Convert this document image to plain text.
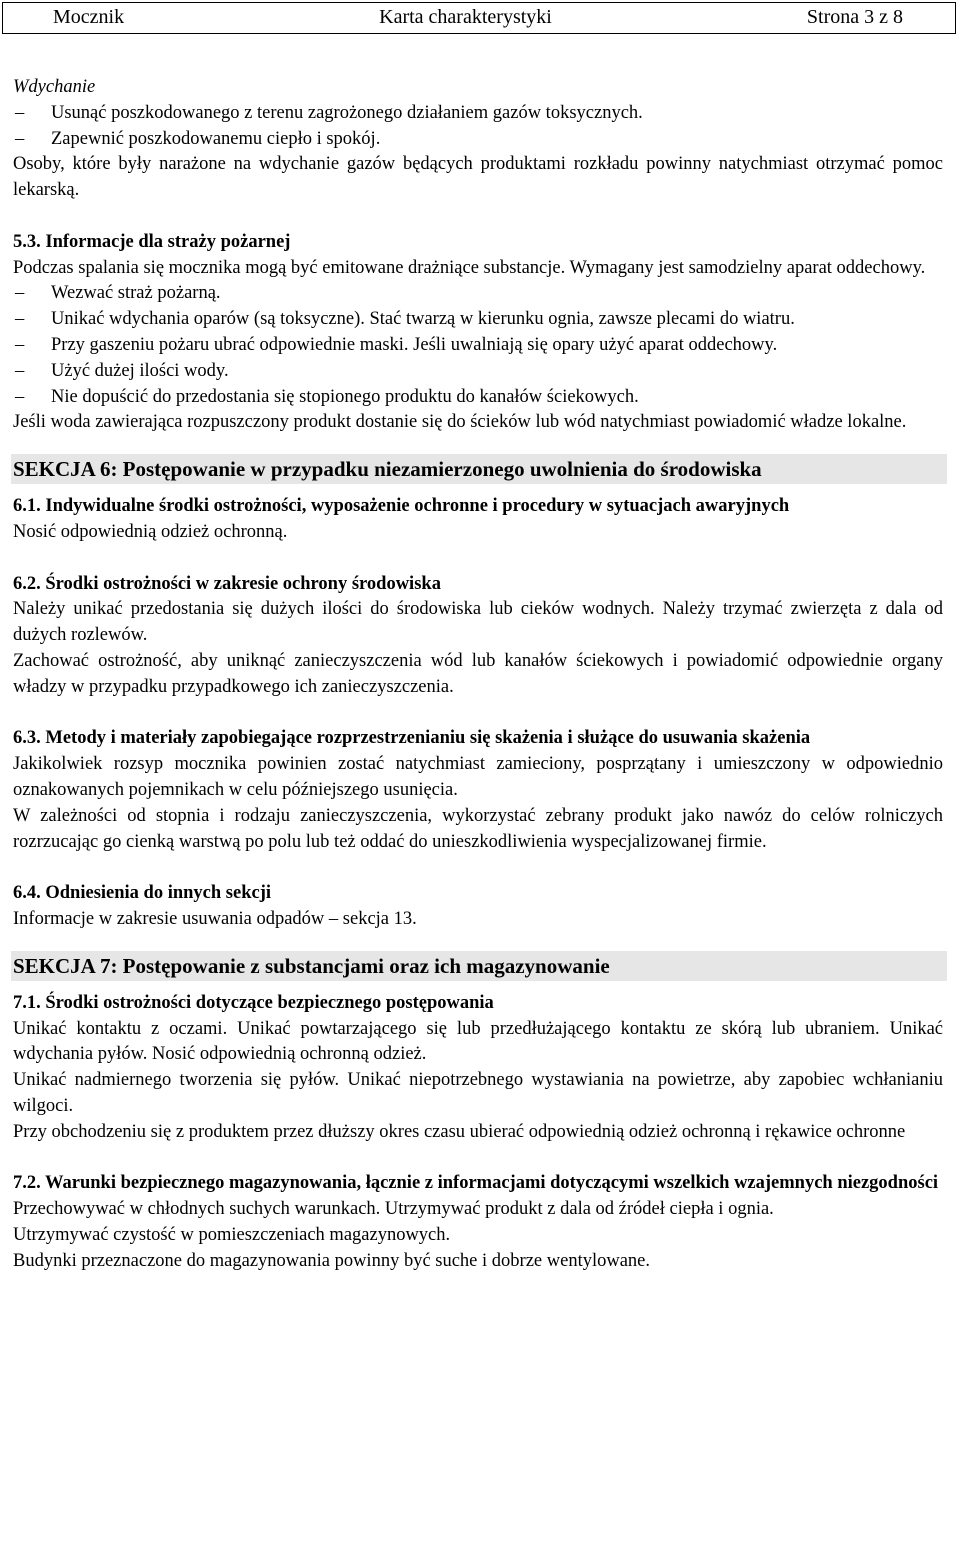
Mocznik	Karta charakterystyki	Strona 3 z 8

Wdychanie

– Usunąć poszkodowanego z terenu zagrożonego działaniem gazów toksycznych.
– Zapewnić poszkodowanemu ciepło i spokój.

Osoby, które były narażone na wdychanie gazów będących produktami rozkładu powinny natychmiast otrzymać pomoc lekarską.

5.3. Informacje dla straży pożarnej

Podczas spalania się mocznika mogą być emitowane drażniące substancje. Wymagany jest samodzielny aparat oddechowy.

– Wezwać straż pożarną.
– Unikać wdychania oparów (są toksyczne). Stać twarzą w kierunku ognia, zawsze plecami do wiatru.
– Przy gaszeniu pożaru ubrać odpowiednie maski. Jeśli uwalniają się opary użyć aparat oddechowy.
– Użyć dużej ilości wody.
– Nie dopuścić do przedostania się stopionego produktu do kanałów ściekowych.

Jeśli woda zawierająca rozpuszczony produkt dostanie się do ścieków lub wód natychmiast powiadomić władze lokalne.

SEKCJA 6: Postępowanie w przypadku niezamierzonego uwolnienia do środowiska

6.1. Indywidualne środki ostrożności, wyposażenie ochronne i procedury w sytuacjach awaryjnych

Nosić odpowiednią odzież ochronną.

6.2. Środki ostrożności w zakresie ochrony środowiska

Należy unikać przedostania się dużych ilości do środowiska lub cieków wodnych. Należy trzymać zwierzęta z dala od dużych rozlewów.

Zachować ostrożność, aby uniknąć zanieczyszczenia wód lub kanałów ściekowych i powiadomić odpowiednie organy władzy w przypadku przypadkowego ich zanieczyszczenia.

6.3. Metody i materiały zapobiegające rozprzestrzenianiu się skażenia i służące do usuwania skażenia

Jakikolwiek rozsyp mocznika powinien zostać natychmiast zamieciony, posprzątany i umieszczony w odpowiednio oznakowanych pojemnikach w celu późniejszego usunięcia.

W zależności od stopnia i rodzaju zanieczyszczenia, wykorzystać zebrany produkt jako nawóz do celów rolniczych rozrzucając go cienką warstwą po polu lub też oddać do unieszkodliwienia wyspecjalizowanej firmie.

6.4. Odniesienia do innych sekcji

Informacje w zakresie usuwania odpadów – sekcja 13.

SEKCJA 7: Postępowanie z substancjami oraz ich magazynowanie

7.1. Środki ostrożności dotyczące bezpiecznego postępowania

Unikać kontaktu z oczami. Unikać powtarzającego się lub przedłużającego kontaktu ze skórą lub ubraniem. Unikać wdychania pyłów. Nosić odpowiednią ochronną odzież.

Unikać nadmiernego tworzenia się pyłów. Unikać niepotrzebnego wystawiania na powietrze, aby zapobiec wchłanianiu wilgoci.

Przy obchodzeniu się z produktem przez dłuższy okres czasu ubierać odpowiednią odzież ochronną i rękawice ochronne

7.2. Warunki bezpiecznego magazynowania, łącznie z informacjami dotyczącymi wszelkich wzajemnych niezgodności

Przechowywać w chłodnych suchych warunkach. Utrzymywać produkt z dala od źródeł ciepła i ognia.

Utrzymywać czystość w pomieszczeniach magazynowych.

Budynki przeznaczone do magazynowania powinny być suche i dobrze wentylowane.
